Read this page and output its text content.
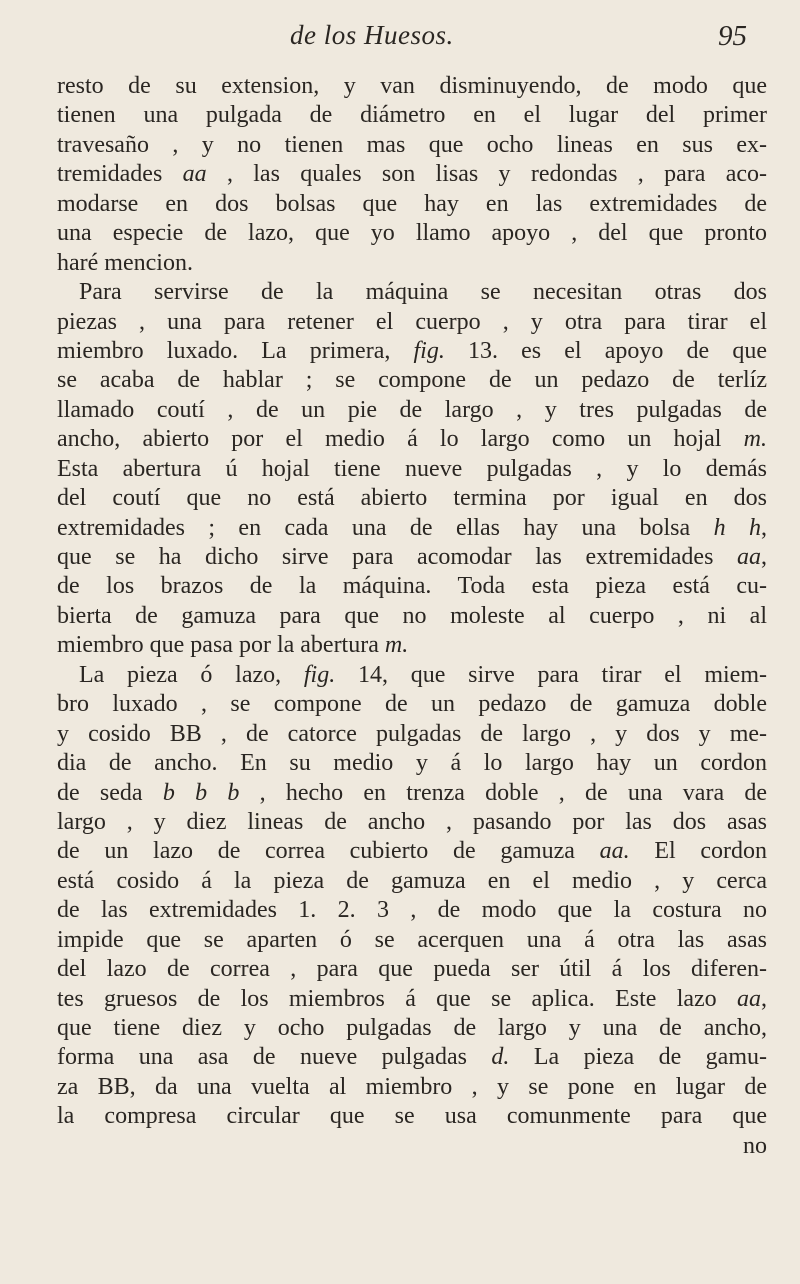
de los Huesos.	95
resto de su extension, y van disminuyendo, de modo que
tienen una pulgada de diámetro en el lugar del primer
travesaño , y no tienen mas que ocho lineas en sus ex-
tremidades aa , las quales son lisas y redondas , para aco-
modarse en dos bolsas que hay en las extremidades de
una especie de lazo, que yo llamo apoyo , del que pronto
haré mencion.
Para servirse de la máquina se necesitan otras dos
piezas , una para retener el cuerpo , y otra para tirar el
miembro luxado. La primera, fig. 13. es el apoyo de que
se acaba de hablar ; se compone de un pedazo de terlíz
llamado coutí , de un pie de largo , y tres pulgadas de
ancho, abierto por el medio á lo largo como un hojal m.
Esta abertura ú hojal tiene nueve pulgadas , y lo demás
del coutí que no está abierto termina por igual en dos
extremidades ; en cada una de ellas hay una bolsa h h,
que se ha dicho sirve para acomodar las extremidades aa,
de los brazos de la máquina. Toda esta pieza está cu-
bierta de gamuza para que no moleste al cuerpo , ni al
miembro que pasa por la abertura m.
La pieza ó lazo, fig. 14, que sirve para tirar el miem-
bro luxado , se compone de un pedazo de gamuza doble
y cosido BB , de catorce pulgadas de largo , y dos y me-
dia de ancho. En su medio y á lo largo hay un cordon
de seda b b b , hecho en trenza doble , de una vara de
largo , y diez lineas de ancho , pasando por las dos asas
de un lazo de correa cubierto de gamuza aa. El cordon
está cosido á la pieza de gamuza en el medio , y cerca
de las extremidades 1. 2. 3 , de modo que la costura no
impide que se aparten ó se acerquen una á otra las asas
del lazo de correa , para que pueda ser útil á los diferen-
tes gruesos de los miembros á que se aplica. Este lazo aa,
que tiene diez y ocho pulgadas de largo y una de ancho,
forma una asa de nueve pulgadas d. La pieza de gamu-
za BB, da una vuelta al miembro , y se pone en lugar de
la compresa circular que se usa comunmente para que
no
